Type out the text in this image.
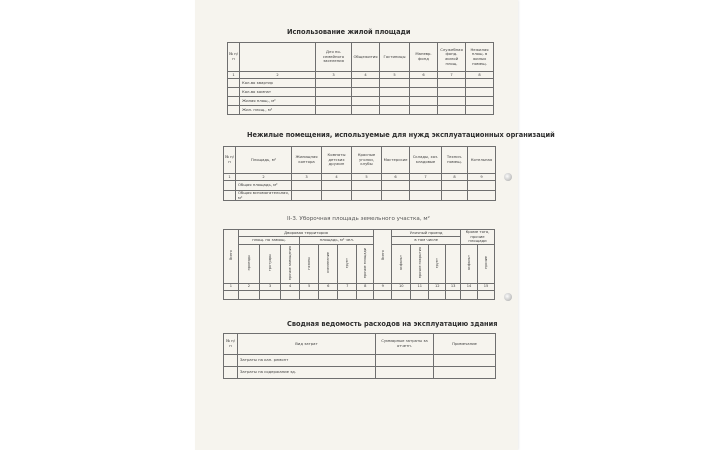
Использование жилой площади
№ п/п		Для по-семейного заселения	Общежития	Гостиницы	Маневр. фонд	Служебная фонд. жилой площ.	Нежилая площ. в жилых помещ.
1	2	3	4	5	6	7	8
	Кол-во квартир						
	Кол-во комнат						
	Жилая площ., м²						
	Жил. площ., м²						
Нежилые помещения, используемые для нужд эксплуатационных организаций
№ п/п	Площадь, м²	Жилищная контора	Комнаты детских дружин	Красные уголки, клубы	Мастерские	Склады, хоз. кладовые	Технич. помещ.	Котельная
1	2	3	4	5	6	7	8	9
	Общая площадь, м²							
	Общая вспомогательная, м²							
II-3. Уборочная площадь земельного участка, м²
Всего	Дворовая территория							Всего	Уличный проезд				Кроме того, прочие площади	
	площ. по замощ.			площадь, м² чел.					в том числе					
	проезды	тротуары	прочие замощения	газоны	озеленение	грунт	прочие площади		асфальт	прочие покрытия	грунт		асфальт	прочие
1	2	3	4	5	6	7	8	9	10	11	12	13	14	15

Сводная ведомость расходов на эксплуатацию здания
№ п/п	Вид затрат	Суммарные затраты за отчетн.	Примечание
	Затраты на кап. ремонт		
	Затраты на содержание зд.		
